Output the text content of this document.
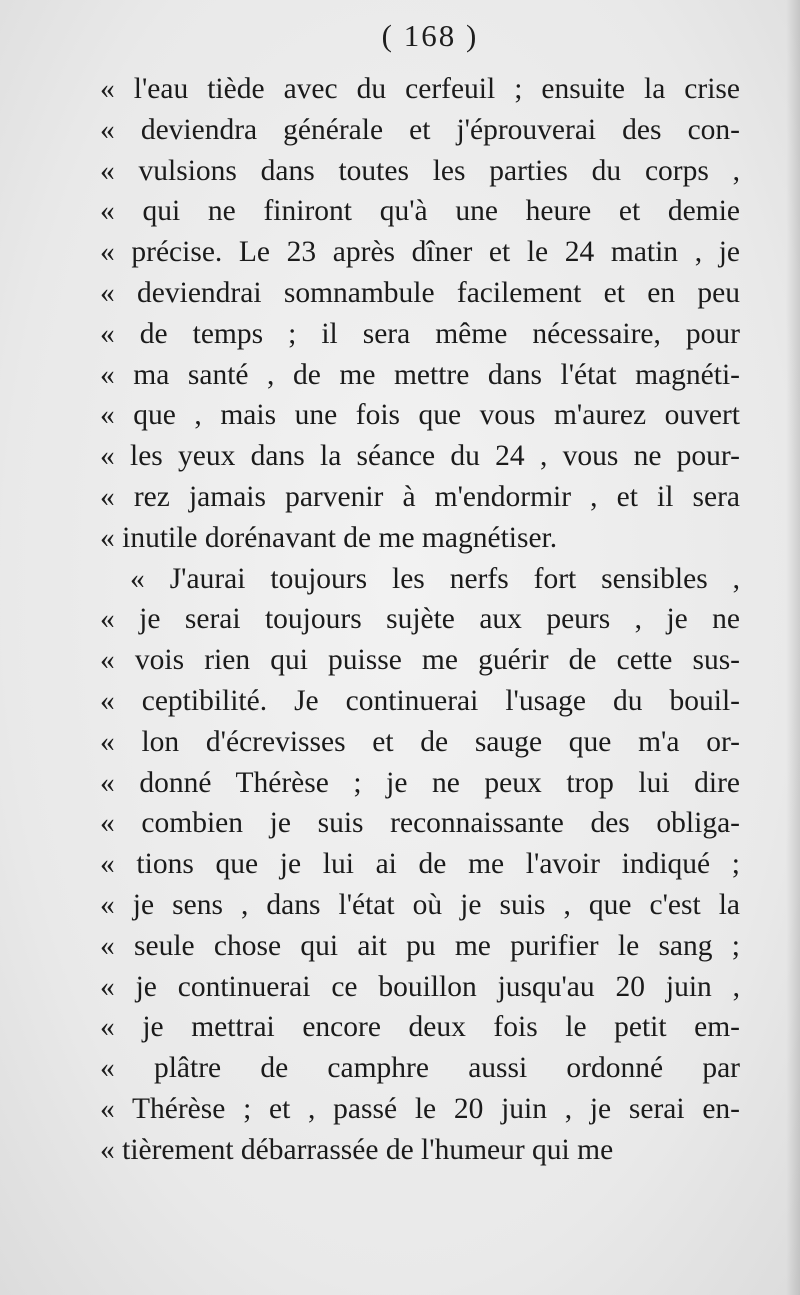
( 168 )
« l'eau tiède avec du cerfeuil ; ensuite la crise
« deviendra générale et j'éprouverai des con-
« vulsions dans toutes les parties du corps ,
« qui ne finiront qu'à une heure et demie
« précise. Le 23 après dîner et le 24 matin , je
« deviendrai somnambule facilement et en peu
« de temps ; il sera même nécessaire, pour
« ma santé , de me mettre dans l'état magnéti-
« que , mais une fois que vous m'aurez ouvert
« les yeux dans la séance du 24 , vous ne pour-
« rez jamais parvenir à m'endormir , et il sera
« inutile dorénavant de me magnétiser.
« J'aurai toujours les nerfs fort sensibles ,
« je serai toujours sujète aux peurs , je ne
« vois rien qui puisse me guérir de cette sus-
« ceptibilité. Je continuerai l'usage du bouil-
« lon d'écrevisses et de sauge que m'a or-
« donné Thérèse ; je ne peux trop lui dire
« combien je suis reconnaissante des obliga-
« tions que je lui ai de me l'avoir indiqué ;
« je sens , dans l'état où je suis , que c'est la
« seule chose qui ait pu me purifier le sang ;
« je continuerai ce bouillon jusqu'au 20 juin ,
« je mettrai encore deux fois le petit em-
« plâtre de camphre aussi ordonné par
« Thérèse ; et , passé le 20 juin , je serai en-
« tièrement débarrassée de l'humeur qui me
